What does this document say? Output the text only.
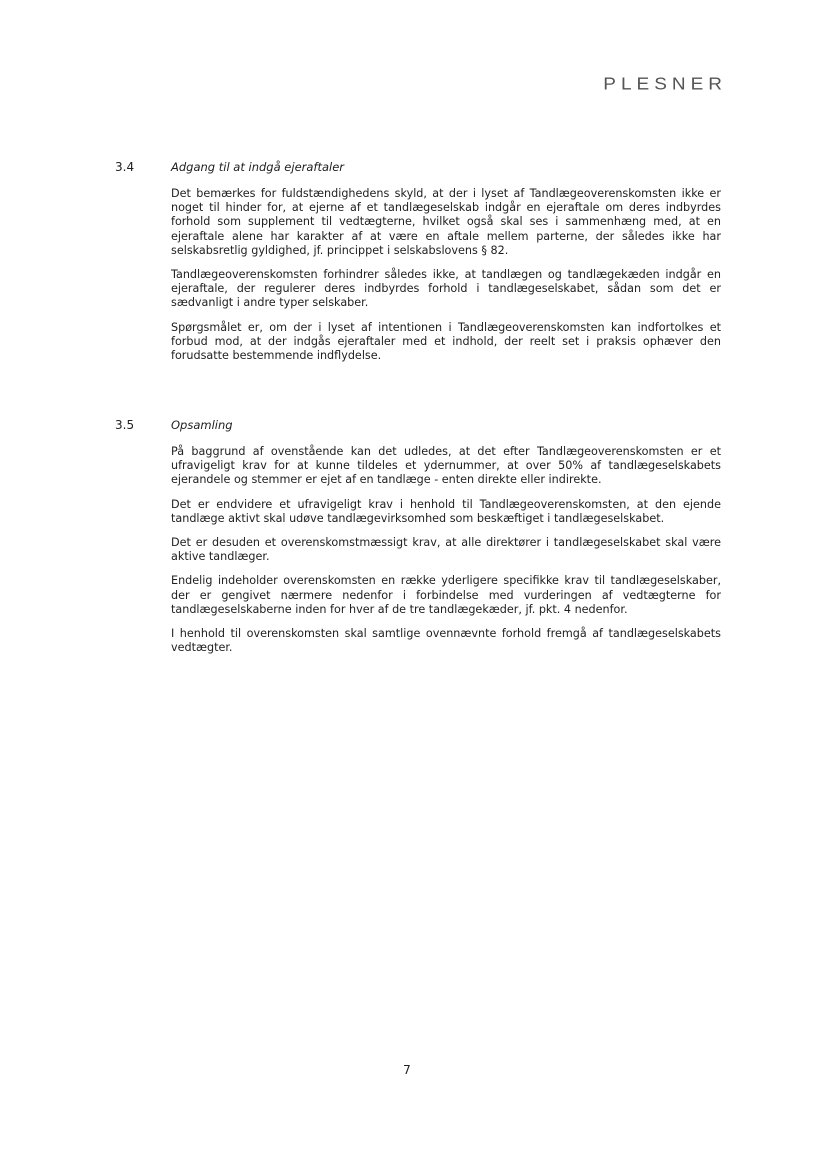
PLESNER
3.4	Adgang til at indgå ejeraftaler

Det bemærkes for fuldstændighedens skyld, at der i lyset af Tandlægeoverenskomsten ikke er noget til hinder for, at ejerne af et tandlægeselskab indgår en ejeraftale om deres indbyrdes forhold som supplement til vedtægterne, hvilket også skal ses i sammenhæng med, at en ejeraftale alene har karakter af at være en aftale mellem parterne, der således ikke har selskabsretlig gyldighed, jf. princippet i selskabslovens § 82.

Tandlægeoverenskomsten forhindrer således ikke, at tandlægen og tandlægekæden indgår en ejeraftale, der regulerer deres indbyrdes forhold i tandlægeselskabet, sådan som det er sædvanligt i andre typer selskaber.

Spørgsmålet er, om der i lyset af intentionen i Tandlægeoverenskomsten kan indfortolkes et forbud mod, at der indgås ejeraftaler med et indhold, der reelt set i praksis ophæver den forudsatte bestemmende indflydelse.

3.5	Opsamling

På baggrund af ovenstående kan det udledes, at det efter Tandlægeoverenskomsten er et ufravigeligt krav for at kunne tildeles et ydernummer, at over 50% af tandlægeselskabets ejerandele og stemmer er ejet af en tandlæge - enten direkte eller indirekte.

Det er endvidere et ufravigeligt krav i henhold til Tandlægeoverenskomsten, at den ejende tandlæge aktivt skal udøve tandlægevirksomhed som beskæftiget i tandlægeselskabet.

Det er desuden et overenskomstmæssigt krav, at alle direktører i tandlægeselskabet skal være aktive tandlæger.

Endelig indeholder overenskomsten en række yderligere specifikke krav til tandlægeselskaber, der er gengivet nærmere nedenfor i forbindelse med vurderingen af vedtægterne for tandlægeselskaberne inden for hver af de tre tandlægekæder, jf. pkt. 4 nedenfor.

I henhold til overenskomsten skal samtlige ovennævnte forhold fremgå af tandlægeselskabets vedtægter.

7
